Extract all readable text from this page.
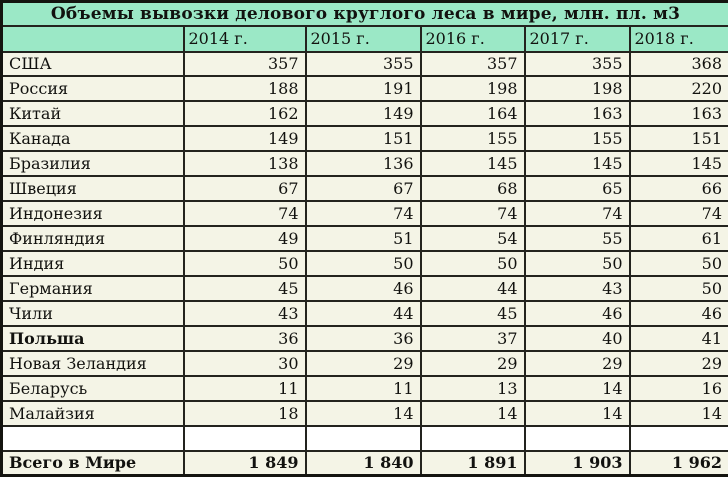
Объемы вывозки делового круглого леса в мире, млн. пл. м3					
	2014 г.	2015 г.	2016 г.	2017 г.	2018 г.
США	357	355	357	355	368
Россия	188	191	198	198	220
Китай	162	149	164	163	163
Канада	149	151	155	155	151
Бразилия	138	136	145	145	145
Швеция	67	67	68	65	66
Индонезия	74	74	74	74	74
Финляндия	49	51	54	55	61
Индия	50	50	50	50	50
Германия	45	46	44	43	50
Чили	43	44	45	46	46
Польша	36	36	37	40	41
Новая Зеландия	30	29	29	29	29
Беларусь	11	11	13	14	16
Малайзия	18	14	14	14	14

Всего в Мире	1 849	1 840	1 891	1 903	1 962
